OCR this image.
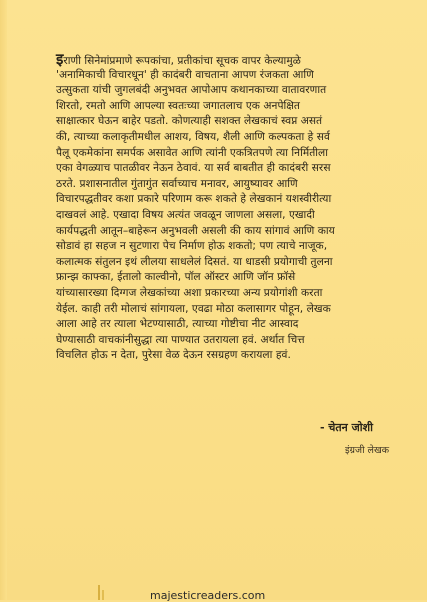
इराणी सिनेमांप्रमाणे रूपकांचा, प्रतीकांचा सूचक वापर केल्यामुळे
'अनामिकाची विचारधून' ही कादंबरी वाचताना आपण रंजकता आणि
उत्सुकता यांची जुगलबंदी अनुभवत आपोआप कथानकाच्या वातावरणात
शिरतो, रमतो आणि आपल्या स्वतःच्या जगातलाच एक अनपेक्षित
साक्षात्कार घेऊन बाहेर पडतो. कोणत्याही सशक्त लेखकाचं स्वप्न असतं
की, त्याच्या कलाकृतीमधील आशय, विषय, शैली आणि कल्पकता हे सर्व
पैलू एकमेकांना समर्पक असावेत आणि त्यांनी एकत्रितपणे त्या निर्मितीला
एका वेगळ्याच पातळीवर नेऊन ठेवावं. या सर्व बाबतीत ही कादंबरी सरस
ठरते. प्रशासनातील गुंतागुंत सर्वाच्याच मनावर, आयुष्यावर आणि
विचारपद्धतीवर कशा प्रकारे परिणाम करू शकते हे लेखकानं यशस्वीरीत्या
दाखवलं आहे. एखादा विषय अत्यंत जवळून जाणला असला, एखादी
कार्यपद्धती आतून–बाहेरून अनुभवली असली की काय सांगावं आणि काय
सोडावं हा सहज न सुटणारा पेच निर्माण होऊ शकतो; पण त्याचे नाजूक,
कलात्मक संतुलन इथं लीलया साधलेलं दिसतं. या धाडसी प्रयोगाची तुलना
फ्रान्झ काफ्का, ईतालो काल्वीनो, पॉल ऑस्टर आणि जॉन फ्रॉसे
यांच्यासारख्या दिग्गज लेखकांच्या अशा प्रकारच्या अन्य प्रयोगांशी करता
येईल. काही तरी मोलाचं सांगायला, एवढा मोठा कलासागर पोहून, लेखक
आला आहे तर त्याला भेटण्यासाठी, त्याच्या गोष्टीचा नीट आस्वाद
घेण्यासाठी वाचकांनीसुद्धा त्या पाण्यात उतरायला हवं. अर्थात चित्त
विचलित होऊ न देता, पुरेसा वेळ देऊन रसग्रहण करायला हवं.
- चेतन जोशी
इंग्रजी लेखक
majesticreaders.com
